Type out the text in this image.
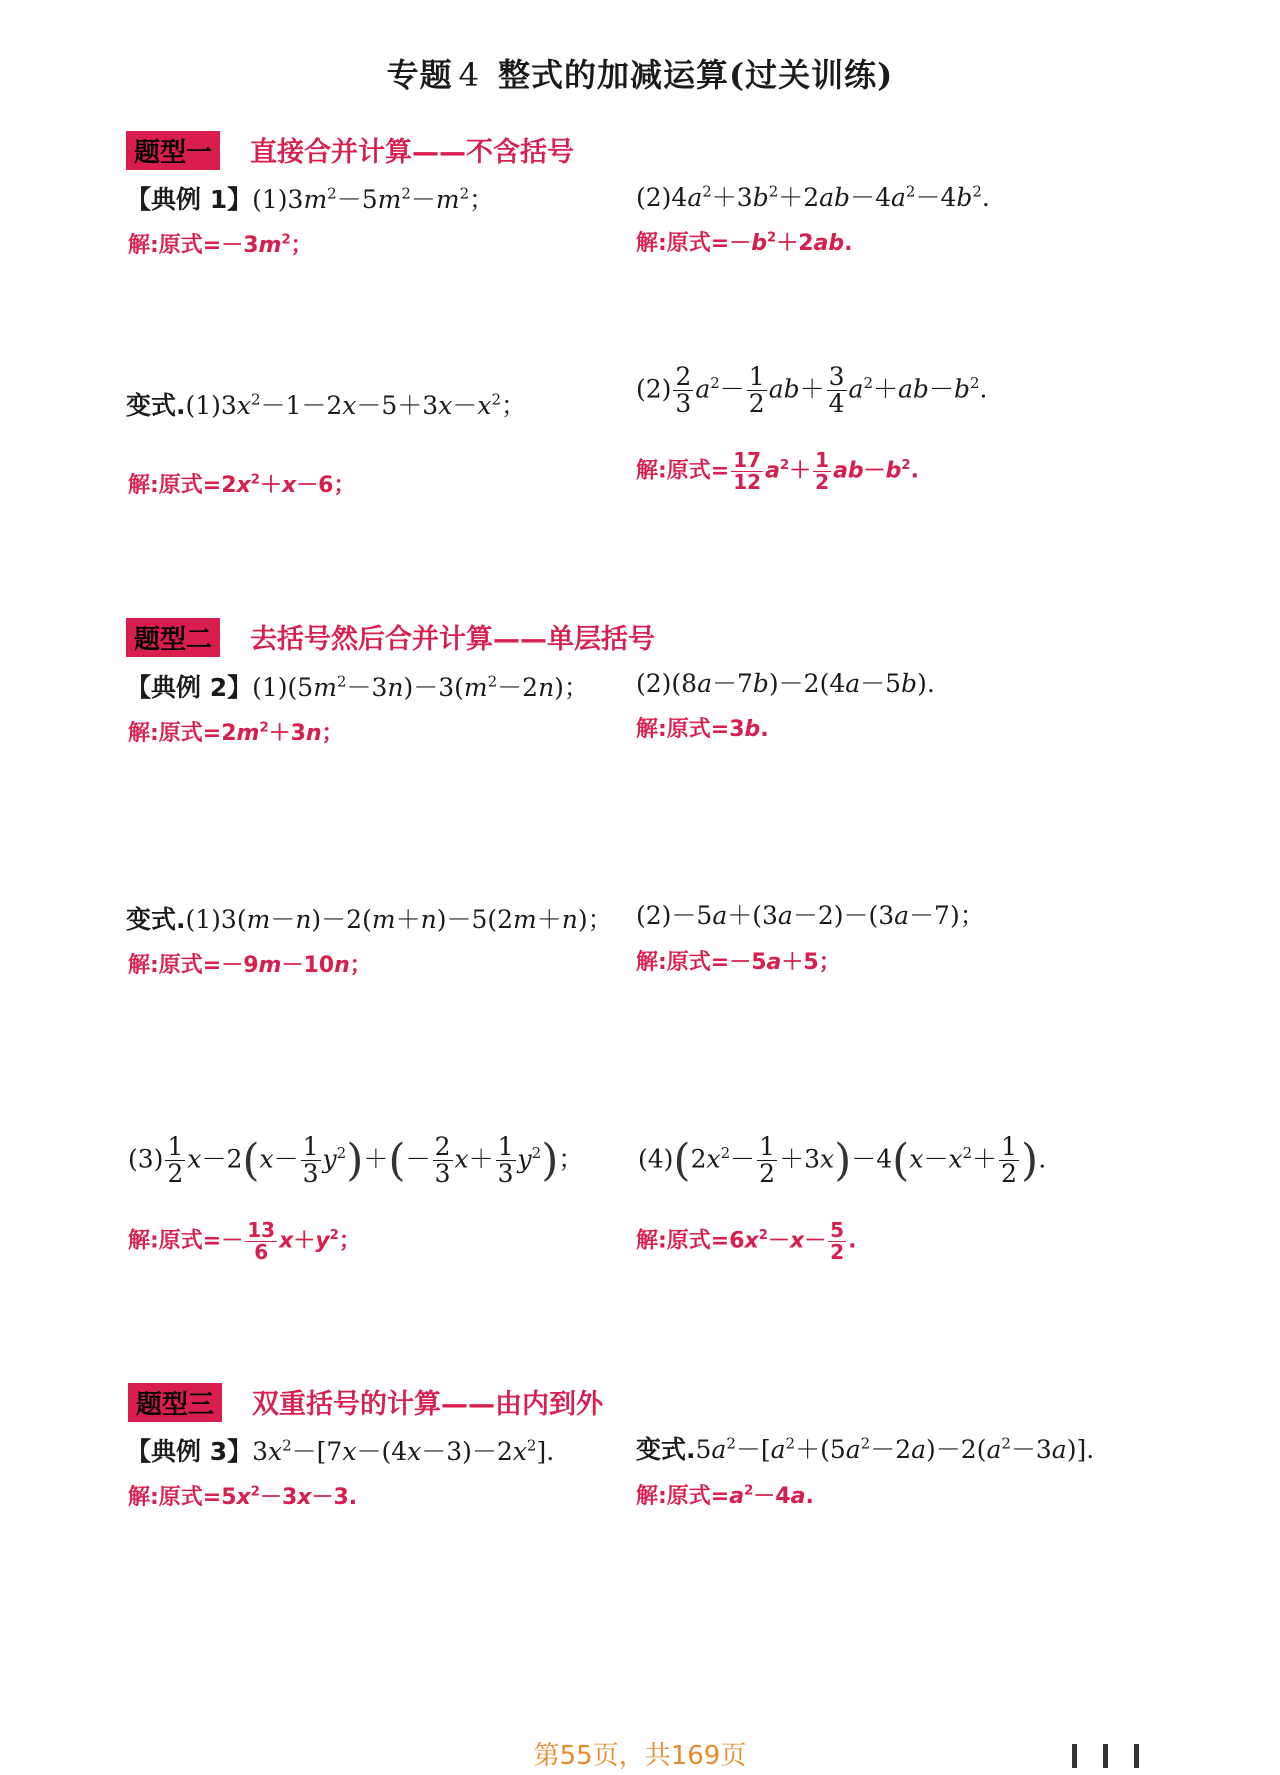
专题 4 整式的加减运算(过关训练)
题型一 直接合并计算——不含括号
【典例 1】$(1)3m^2-5m^2-m^2$；	$(2)4a^2+3b^2+2ab-4a^2-4b^2$.
解:原式$=-3m^2$；	解:原式$=-b^2+2ab$.
变式$.(1)3x^2-1-2x-5+3x-x^2$；
$(2) \frac{2}{3} a^2- \frac{1}{2} ab+ \frac{3}{4} a^2+ab-b^2$.
解:原式$=2x^2+x-6$；
解:原式= $\frac{17}{12} a^2+ \frac{1}{2} ab-b^2$.
题型二 去括号然后合并计算——单层括号
【典例 2】$(1)(5m^2-3n)-3(m^2-2n)$； (2)(8a－7b)－2(4a－5b).
解:原式$=2m^2+3n$；	解:原式=3b.
变式.(1)3(m－n)－2(m＋n)－5(2m＋n)； (2)－5a＋(3a－2)－(3a－7)；
解:原式=－9m－10n；	解:原式=－5a＋5；
$(3) \frac{1}{2} x-2(x- \frac{1}{3} y^2)+(- \frac{2}{3} x+ \frac{1}{3} y^2)$； $(4)(2x^2- \frac{1}{2} +3x)-4(x-x^2+ \frac{1}{2}$ ).
解:原式=－ $\frac{13}{6} x+y^2$；	解:原式$=6x^2-x- \frac{5}{2}$ .
题型三 双重括号的计算——由内到外
【典例 3】$3x^2-[7x-(4x-3)-2x^2]$.	变式$.5a^2-[a^2+(5a^2-2a)-2(a^2-3a)]$.
解:原式$=5x^2-3x-3$.	解:原式$=a^2-4a$.
第55页，共169页
